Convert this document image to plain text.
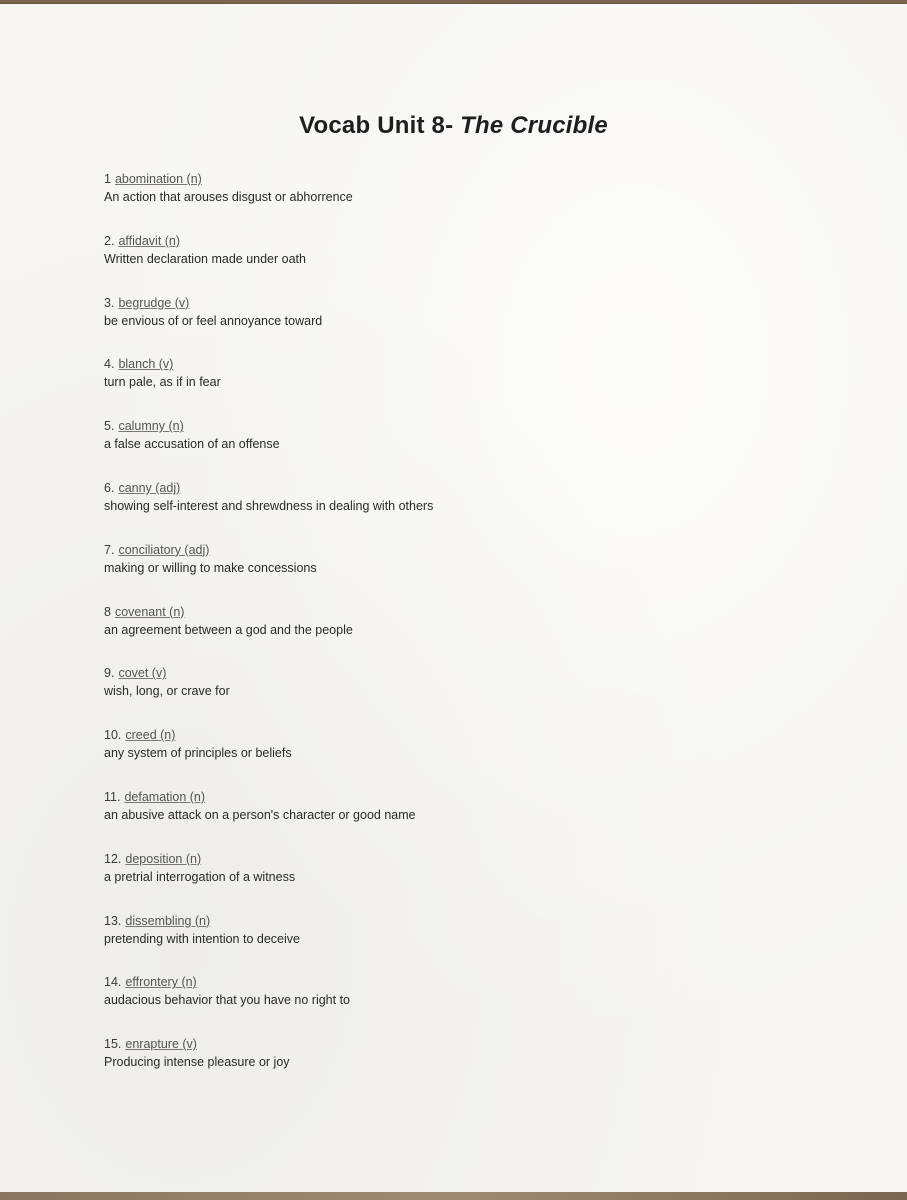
Vocab Unit 8- The Crucible
1 abomination (n)
An action that arouses disgust or abhorrence
2. affidavit (n)
Written declaration made under oath
3. begrudge (v)
be envious of or feel annoyance toward
4. blanch (v)
turn pale, as if in fear
5. calumny (n)
a false accusation of an offense
6. canny (adj)
showing self-interest and shrewdness in dealing with others
7. conciliatory (adj)
making or willing to make concessions
8 covenant (n)
an agreement between a god and the people
9. covet (v)
wish, long, or crave for
10. creed (n)
any system of principles or beliefs
11. defamation (n)
an abusive attack on a person's character or good name
12. deposition (n)
a pretrial interrogation of a witness
13. dissembling (n)
pretending with intention to deceive
14. effrontery (n)
audacious behavior that you have no right to
15. enrapture (v)
Producing intense pleasure or joy
